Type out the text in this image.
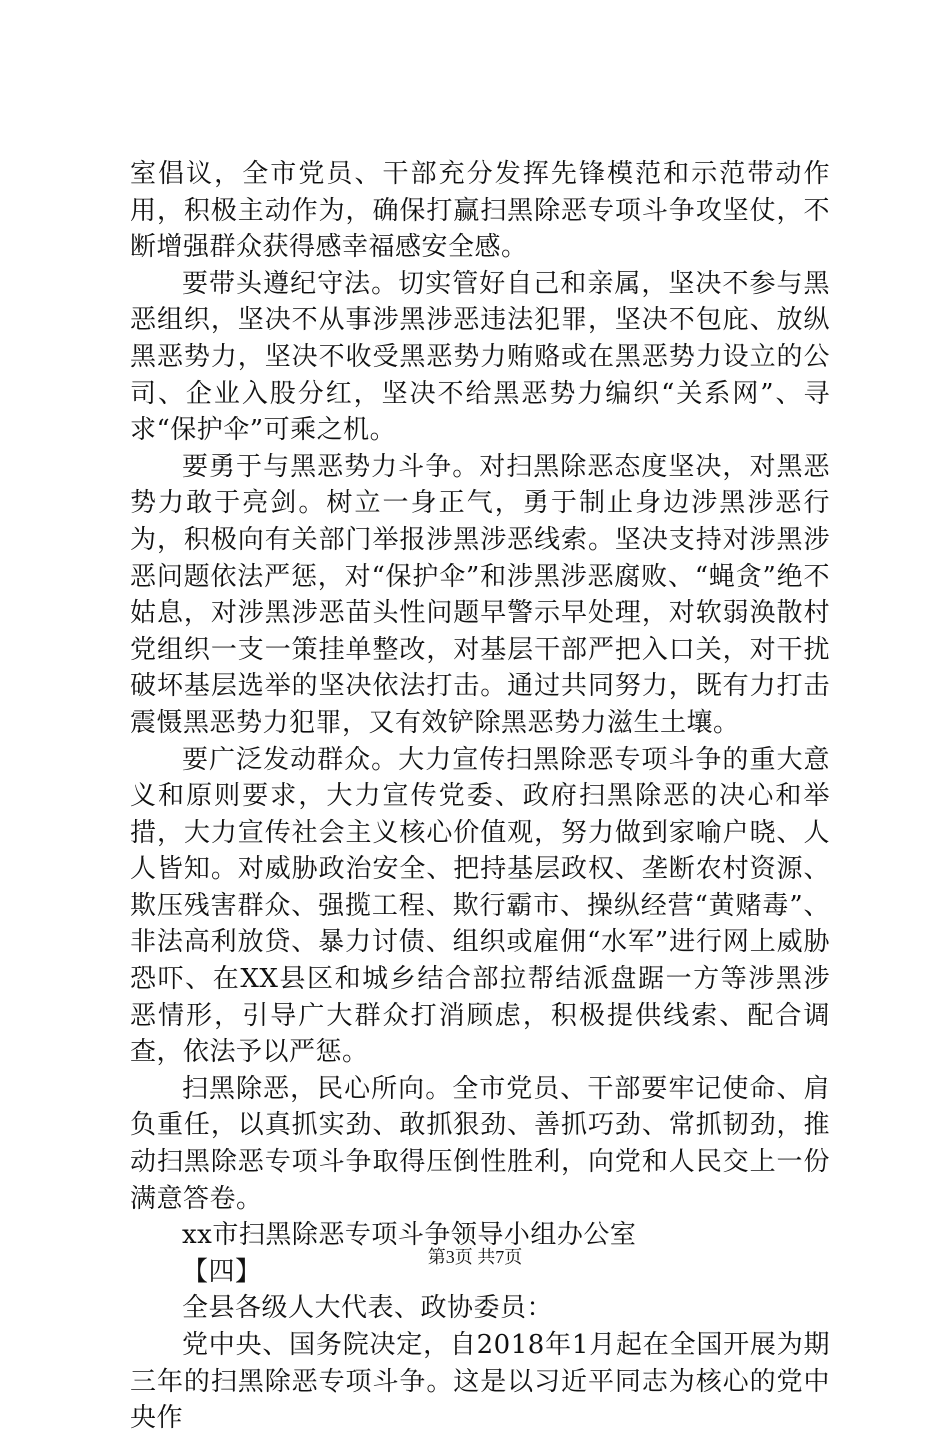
室倡议，全市党员、干部充分发挥先锋模范和示范带动作用，积极主动作为，确保打赢扫黑除恶专项斗争攻坚仗，不断增强群众获得感幸福感安全感。

要带头遵纪守法。切实管好自己和亲属，坚决不参与黑恶组织，坚决不从事涉黑涉恶违法犯罪，坚决不包庇、放纵黑恶势力，坚决不收受黑恶势力贿赂或在黑恶势力设立的公司、企业入股分红，坚决不给黑恶势力编织“关系网”、寻求“保护伞”可乘之机。

要勇于与黑恶势力斗争。对扫黑除恶态度坚决，对黑恶势力敢于亮剑。树立一身正气，勇于制止身边涉黑涉恶行为，积极向有关部门举报涉黑涉恶线索。坚决支持对涉黑涉恶问题依法严惩，对“保护伞”和涉黑涉恶腐败、“蝇贪”绝不姑息，对涉黑涉恶苗头性问题早警示早处理，对软弱涣散村党组织一支一策挂单整改，对基层干部严把入口关，对干扰破坏基层选举的坚决依法打击。通过共同努力，既有力打击震慑黑恶势力犯罪，又有效铲除黑恶势力滋生土壤。

要广泛发动群众。大力宣传扫黑除恶专项斗争的重大意义和原则要求，大力宣传党委、政府扫黑除恶的决心和举措，大力宣传社会主义核心价值观，努力做到家喻户晓、人人皆知。对威胁政治安全、把持基层政权、垄断农村资源、欺压残害群众、强揽工程、欺行霸市、操纵经营“黄赌毒”、非法高利放贷、暴力讨债、组织或雇佣“水军”进行网上威胁恐吓、在XX县区和城乡结合部拉帮结派盘踞一方等涉黑涉恶情形，引导广大群众打消顾虑，积极提供线索、配合调查，依法予以严惩。

扫黑除恶，民心所向。全市党员、干部要牢记使命、肩负重任，以真抓实劲、敢抓狠劲、善抓巧劲、常抓韧劲，推动扫黑除恶专项斗争取得压倒性胜利，向党和人民交上一份满意答卷。

xx市扫黑除恶专项斗争领导小组办公室

【四】

全县各级人大代表、政协委员：

党中央、国务院决定，自2018年1月起在全国开展为期三年的扫黑除恶专项斗争。这是以习近平同志为核心的党中央作

第3页 共7页
